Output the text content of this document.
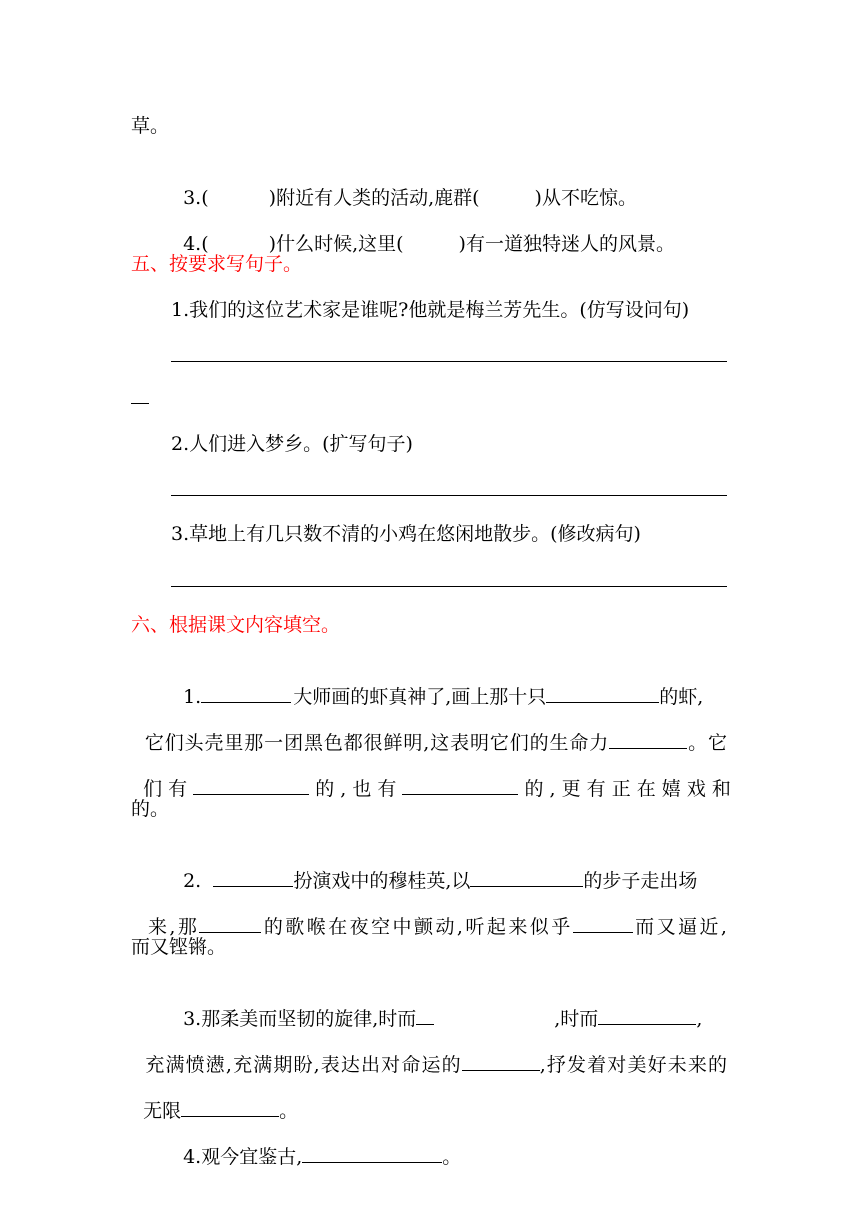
草。

3.(	)附近有人类的活动,鹿群(	)从不吃惊。

4.(	)什么时候,这里(	)有一道独特迷人的风景。

五、按要求写句子。
1.我们的这位艺术家是谁呢?他就是梅兰芳先生。(仿写设问句)
2.人们进入梦乡。(扩写句子)
3.草地上有几只数不清的小鸡在悠闲地散步。(修改病句)
六、根据课文内容填空。

1.	大师画的虾真神了,画上那十只	的虾,

它们头壳里那一团黑色都很鲜明,这表明它们的生命力	。它

们 有	的 , 也 有	的 , 更 有 正 在 嬉 戏 和

的。

2.	扮演戏中的穆桂英,以	的步子走出场

来,那	的歌喉在夜空中颤动,听起来似乎	而又逼近,

而又铿锵。

3.那柔美而坚韧的旋律,时而	,时而	,

充满愤懑,充满期盼,表达出对命运的	,抒发着对美好未来的

无限	。

4.观今宜鉴古,	。
